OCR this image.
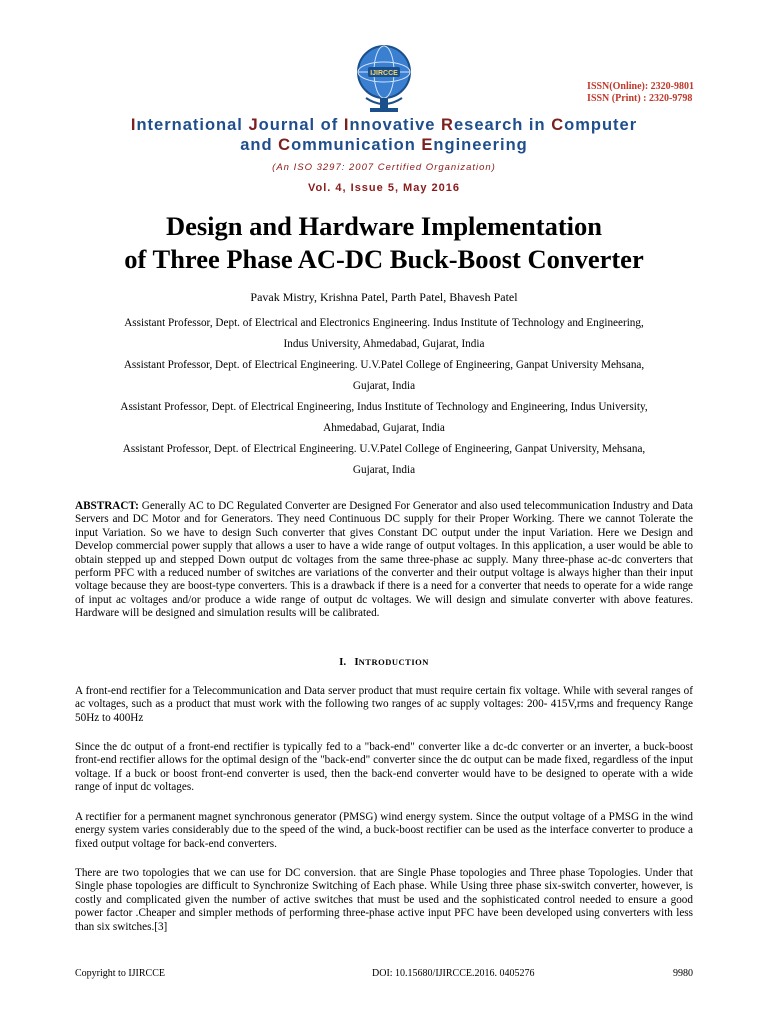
IJIRCCE
ISSN(Online): 2320-9801
ISSN (Print) : 2320-9798
International Journal of Innovative Research in Computer
and Communication Engineering
(An ISO 3297: 2007 Certified Organization)
Vol. 4, Issue 5, May 2016
Design and Hardware Implementation
of Three Phase AC-DC Buck-Boost Converter
Pavak Mistry, Krishna Patel, Parth Patel, Bhavesh Patel
Assistant Professor, Dept. of Electrical and Electronics Engineering. Indus Institute of Technology and Engineering,
Indus University, Ahmedabad, Gujarat, India
Assistant Professor, Dept. of Electrical Engineering. U.V.Patel College of Engineering, Ganpat University Mehsana,
Gujarat, India
Assistant Professor, Dept. of Electrical Engineering, Indus Institute of Technology and Engineering, Indus University,
Ahmedabad, Gujarat, India
Assistant Professor, Dept. of Electrical Engineering. U.V.Patel College of Engineering, Ganpat University, Mehsana,
Gujarat, India
ABSTRACT: Generally AC to DC Regulated Converter are Designed For Generator and also used telecommunication Industry and Data Servers and DC Motor and for Generators. They need Continuous DC supply for their Proper Working. There we cannot Tolerate the input Variation. So we have to design Such converter that gives Constant DC output under the input Variation. Here we Design and Develop commercial power supply that allows a user to have a wide range of output voltages. In this application, a user would be able to obtain stepped up and stepped Down output dc voltages from the same three-phase ac supply. Many three-phase ac-dc converters that perform PFC with a reduced number of switches are variations of the converter and their output voltage is always higher than their input voltage because they are boost-type converters. This is a drawback if there is a need for a converter that needs to operate for a wide range of input ac voltages and/or produce a wide range of output dc voltages. We will design and simulate converter with above features. Hardware will be designed and simulation results will be calibrated.
I. INTRODUCTION
A front-end rectifier for a Telecommunication and Data server product that must require certain fix voltage. While with several ranges of ac voltages, such as a product that must work with the following two ranges of ac supply voltages: 200- 415V,rms and frequency Range 50Hz to 400Hz
Since the dc output of a front-end rectifier is typically fed to a "back-end" converter like a dc-dc converter or an inverter, a buck-boost front-end rectifier allows for the optimal design of the "back-end" converter since the dc output can be made fixed, regardless of the input voltage. If a buck or boost front-end converter is used, then the back-end converter would have to be designed to operate with a wide range of input dc voltages.
A rectifier for a permanent magnet synchronous generator (PMSG) wind energy system. Since the output voltage of a PMSG in the wind energy system varies considerably due to the speed of the wind, a buck-boost rectifier can be used as the interface converter to produce a fixed output voltage for back-end converters.
There are two topologies that we can use for DC conversion. that are Single Phase topologies and Three phase Topologies. Under that Single phase topologies are difficult to Synchronize Switching of Each phase. While Using three phase six-switch converter, however, is costly and complicated given the number of active switches that must be used and the sophisticated control needed to ensure a good power factor .Cheaper and simpler methods of performing three-phase active input PFC have been developed using converters with less than six switches.[3]
Copyright to IJIRCCE	DOI: 10.15680/IJIRCCE.2016. 0405276	9980
